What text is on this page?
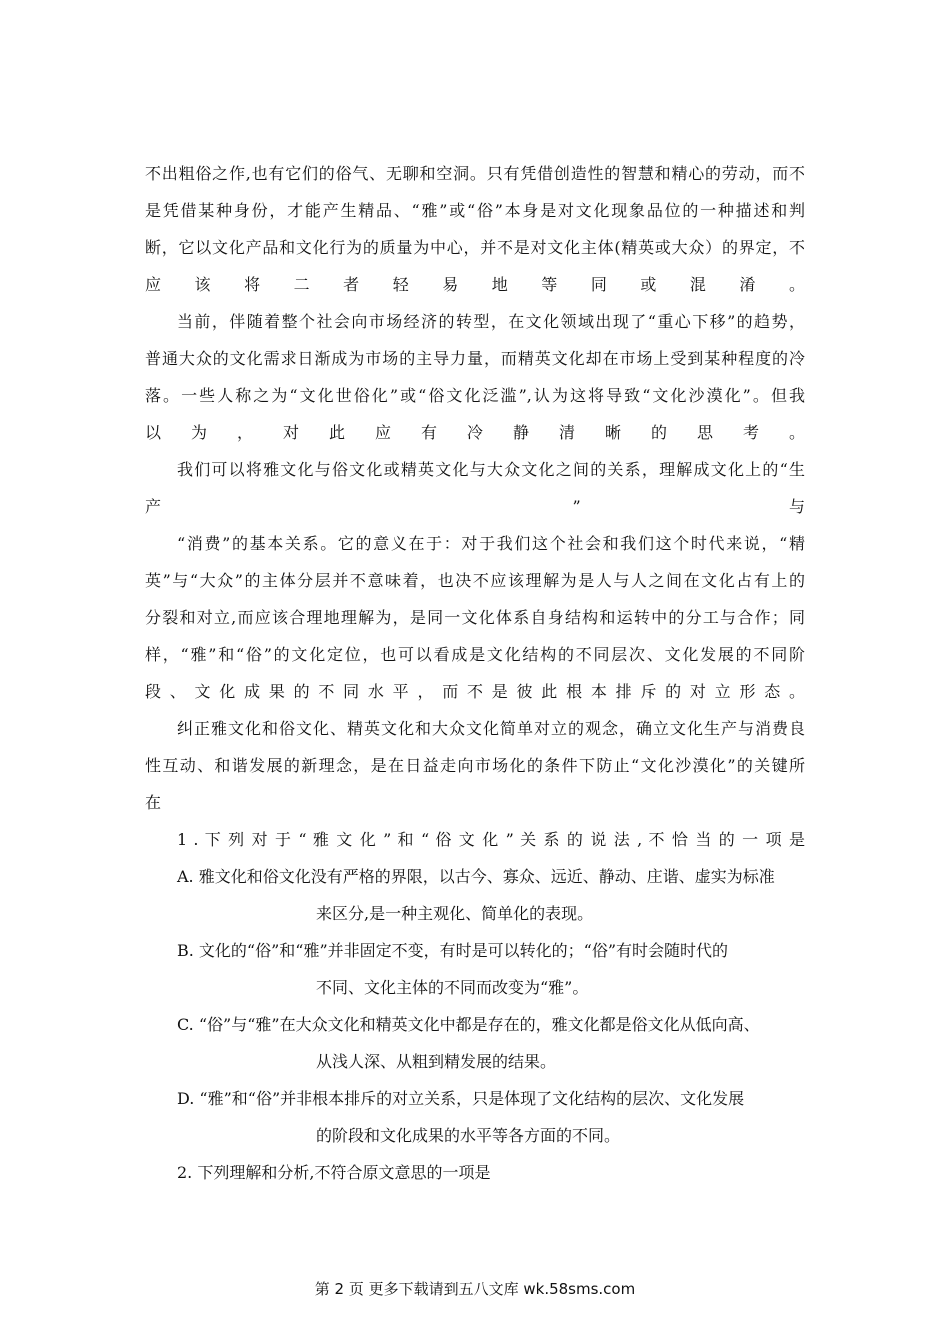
不出粗俗之作,也有它们的俗气、无聊和空洞。只有凭借创造性的智慧和精心的劳动，而不
是凭借某种身份，才能产生精品、“雅”或“俗”本身是对文化现象品位的一种描述和判
断，它以文化产品和文化行为的质量为中心，并不是对文化主体(精英或大众）的界定，不
应 该 将 二 者 轻 易 地 等 同 或 混 淆 。
当前，伴随着整个社会向市场经济的转型，在文化领域出现了“重心下移”的趋势，
普通大众的文化需求日渐成为市场的主导力量，而精英文化却在市场上受到某种程度的冷
落。一些人称之为“文化世俗化”或“俗文化泛滥”,认为这将导致“文化沙漠化”。但我
以 为 ， 对 此 应 有 冷 静 清 晰 的 思 考 。
我们可以将雅文化与俗文化或精英文化与大众文化之间的关系，理解成文化上的“生
产 ” 与
“消费”的基本关系。它的意义在于：对于我们这个社会和我们这个时代来说，“精
英”与“大众”的主体分层并不意味着，也决不应该理解为是人与人之间在文化占有上的
分裂和对立,而应该合理地理解为，是同一文化体系自身结构和运转中的分工与合作；同
样，“雅”和“俗”的文化定位，也可以看成是文化结构的不同层次、文化发展的不同阶
段 、 文 化 成 果 的 不 同 水 平 ， 而 不 是 彼 此 根 本 排 斥 的 对 立 形 态 。
纠正雅文化和俗文化、精英文化和大众文化简单对立的观念，确立文化生产与消费良
性互动、和谐发展的新理念，是在日益走向市场化的条件下防止“文化沙漠化”的关键所
在
1 . 下 列 对 于 “ 雅 文 化 ” 和 “ 俗 文 化 ” 关 系 的 说 法 , 不 恰 当 的 一 项 是
A. 雅文化和俗文化没有严格的界限，以古今、寡众、远近、静动、庄谐、虚实为标准
来区分,是一种主观化、简单化的表现。
B. 文化的“俗”和“雅”并非固定不变，有时是可以转化的；“俗”有时会随时代的
不同、文化主体的不同而改变为“雅”。
C. “俗”与“雅”在大众文化和精英文化中都是存在的，雅文化都是俗文化从低向高、
从浅人深、从粗到精发展的结果。
D. “雅”和“俗”并非根本排斥的对立关系，只是体现了文化结构的层次、文化发展
的阶段和文化成果的水平等各方面的不同。
2. 下列理解和分析,不符合原文意思的一项是
第 2 页 更多下载请到五八文库 wk.58sms.com
